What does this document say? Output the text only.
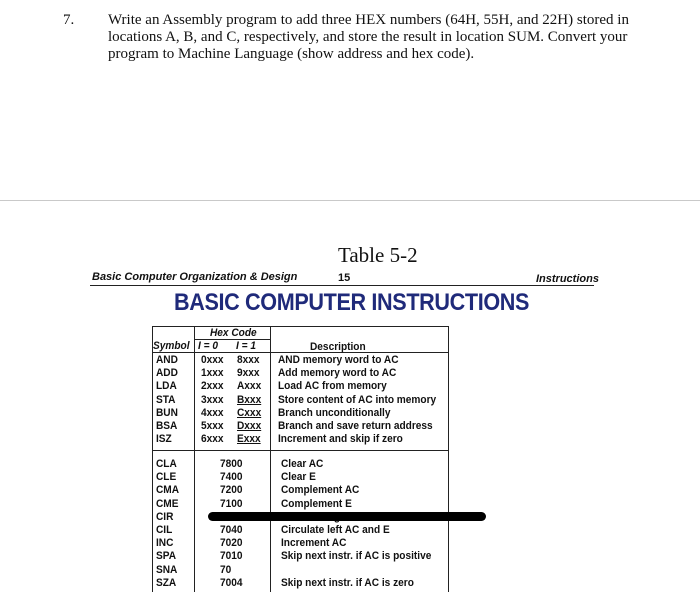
7. Write an Assembly program to add three HEX numbers (64H, 55H, and 22H) stored in locations A, B, and C, respectively, and store the result in location SUM. Convert your program to Machine Language (show address and hex code).
Table 5-2
Basic Computer Organization & Design	15	Instructions
BASIC COMPUTER INSTRUCTIONS
Hex Code
Symbol I = 0 I = 1	Description
AND 0xxx 8xxx AND memory word to AC
ADD 1xxx 9xxx Add memory word to AC
LDA 2xxx Axxx Load AC from memory
STA 3xxx Bxxx Store content of AC into memory
BUN 4xxx Cxxx Branch unconditionally
BSA 5xxx Dxxx Branch and save return address
ISZ	6xxx Exxx Increment and skip if zero
CLA	7800	Clear AC
CLE	7400	Clear E
CMA	7200	Complement AC
CME	7100	Complement E
CIR
CIL	7040	Circulate left AC and E
INC	7020	Increment AC
SPA	7010	Skip next instr. if AC is positive
SNA	70
SZA	7004	Skip next instr. if AC is zero
